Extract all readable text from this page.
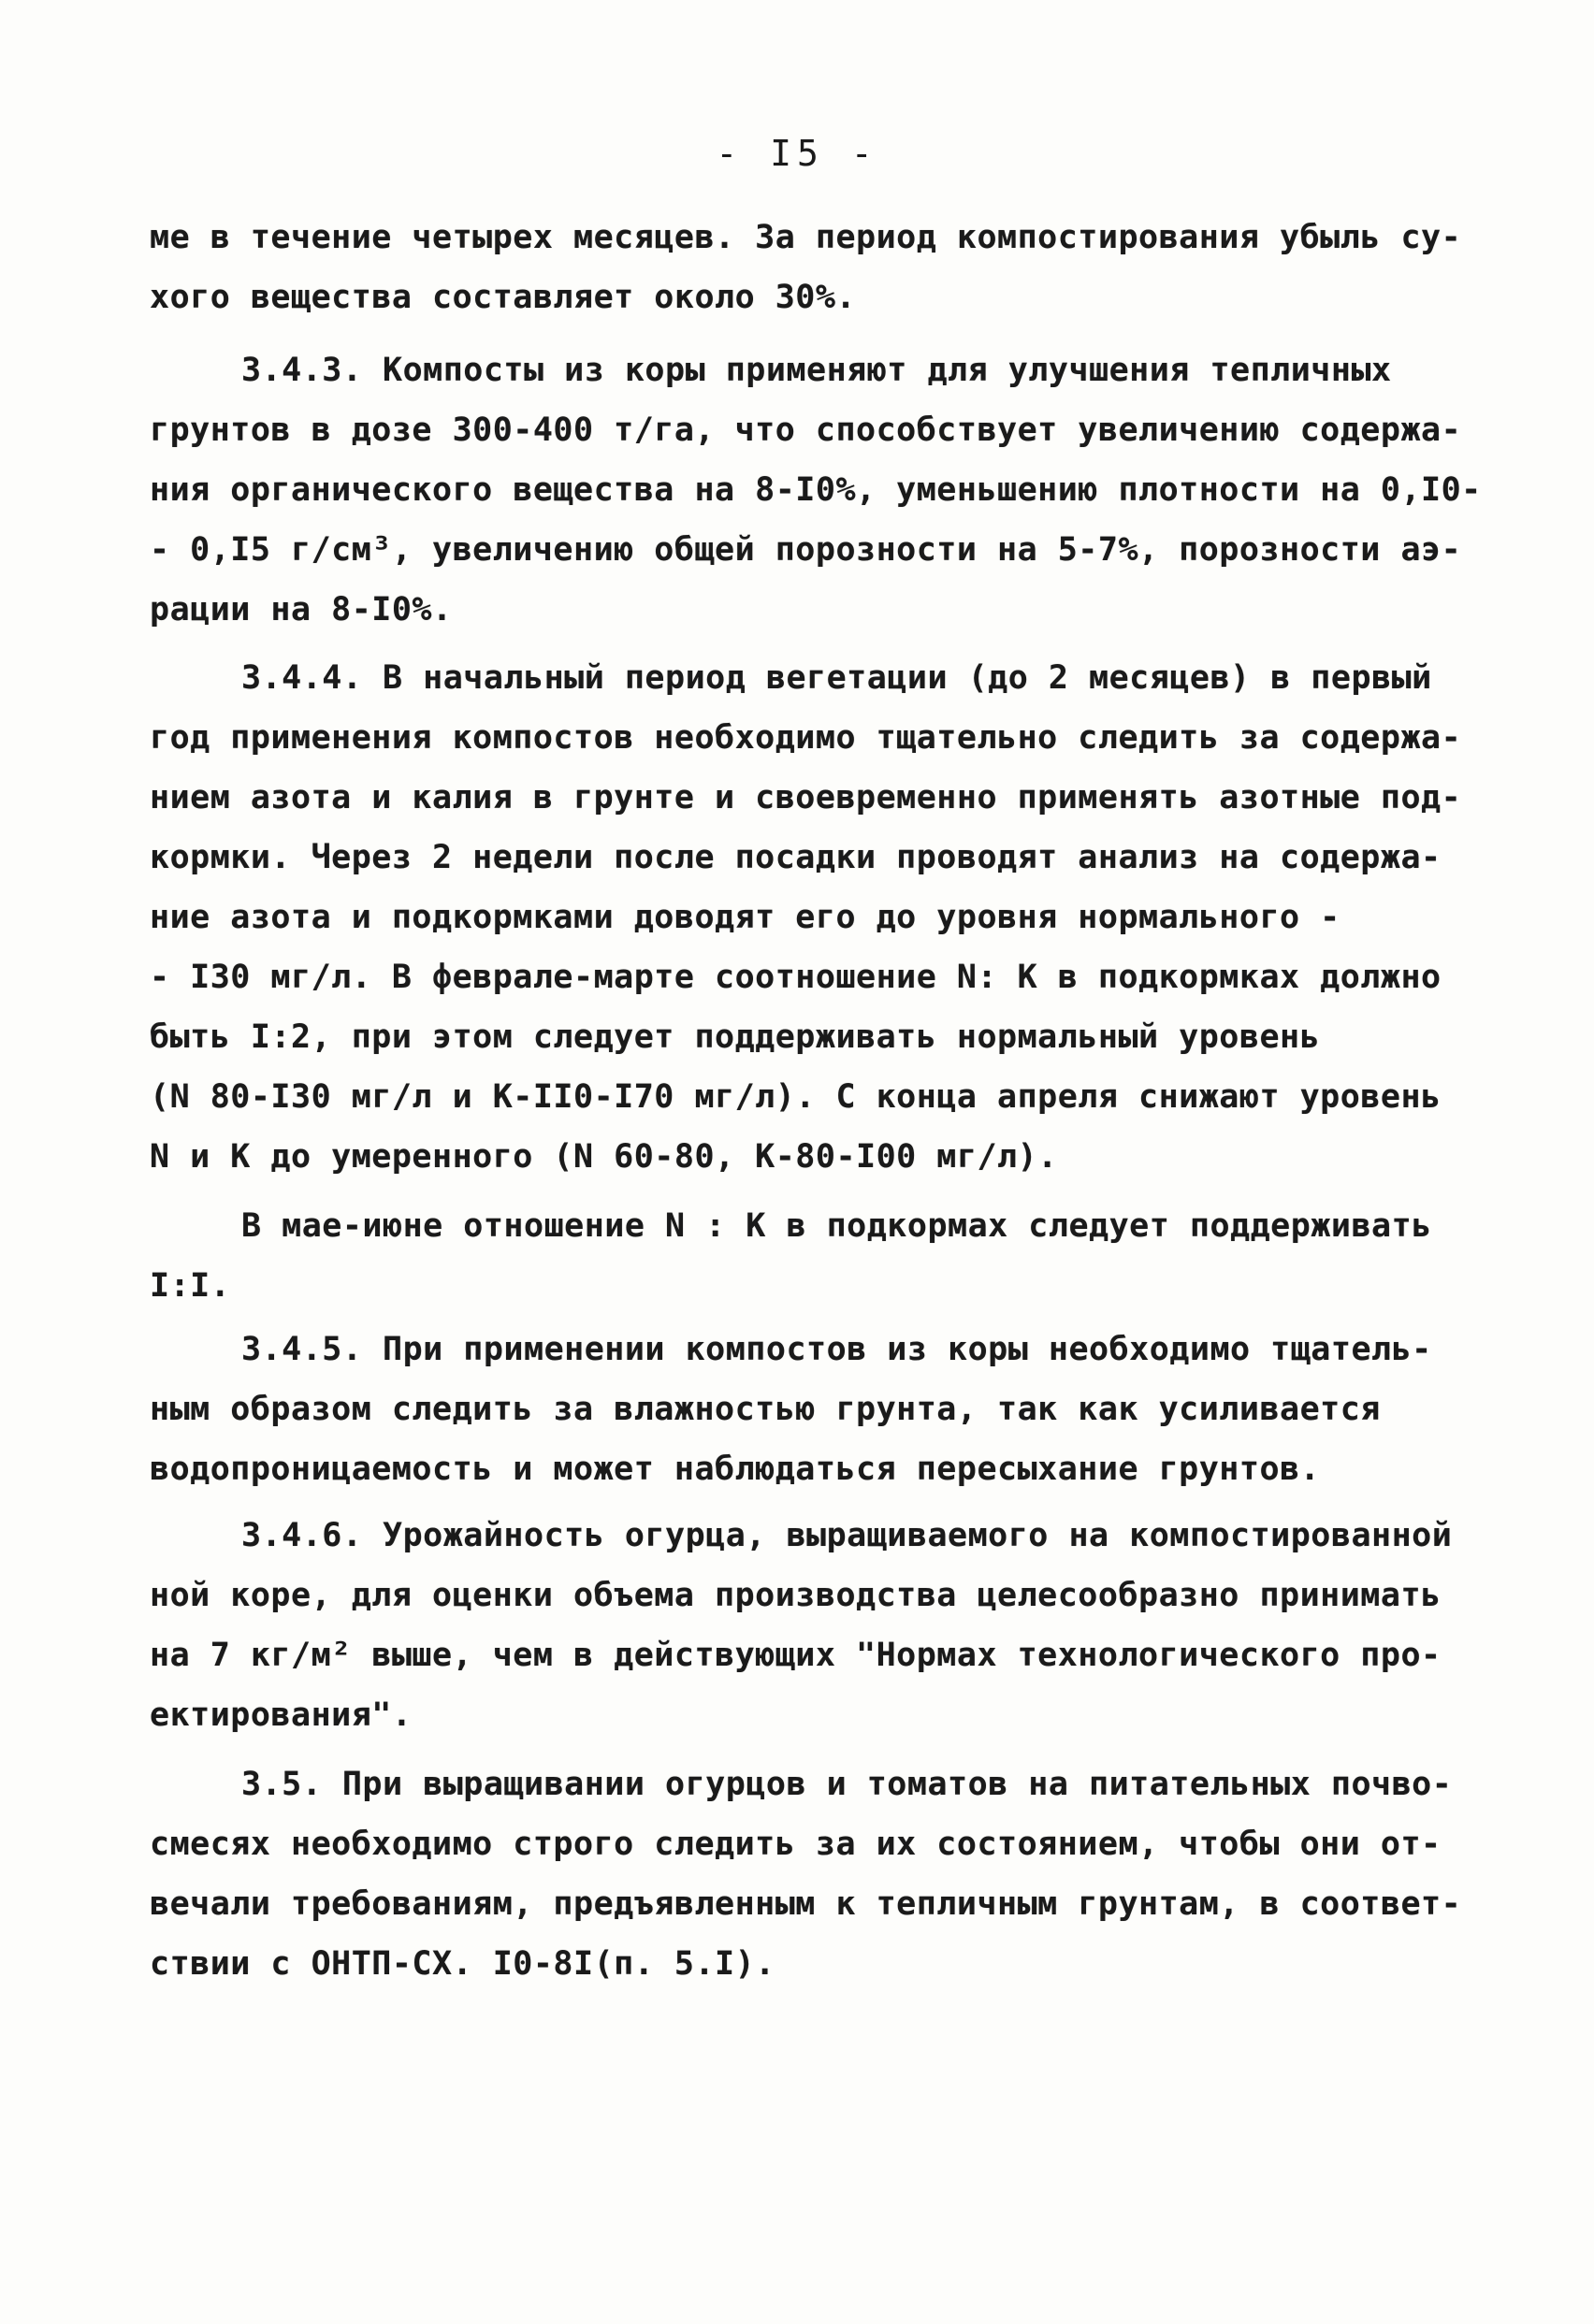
- I5 -
ме в течение четырех месяцев. За период компостирования убыль су-
хого вещества составляет около 30%.
3.4.3. Компосты из коры применяют для улучшения тепличных
грунтов в дозе 300-400 т/га, что способствует увеличению содержа-
ния органического вещества на 8-I0%, уменьшению плотности на 0,I0-
- 0,I5 г/см³, увеличению общей порозности на 5-7%, порозности аэ-
рации на 8-I0%.
3.4.4. В начальный период вегетации (до 2 месяцев) в первый
год применения компостов необходимо тщательно следить за содержа-
нием азота и калия в грунте и своевременно применять азотные под-
кормки. Через 2 недели после посадки проводят анализ на содержа-
ние азота и подкормками доводят его до уровня нормального -
- I30 мг/л. В феврале-марте соотношение N: K в подкормках должно
быть I:2, при этом следует поддерживать нормальный уровень
(N 80-I30 мг/л и К-II0-I70 мг/л). С конца апреля снижают уровень
N и К до умеренного (N 60-80, К-80-I00 мг/л).
В мае-июне отношение N : К в подкормах следует поддерживать
I:I.
3.4.5. При применении компостов из коры необходимо тщатель-
ным образом следить за влажностью грунта, так как усиливается
водопроницаемость и может наблюдаться пересыхание грунтов.
3.4.6. Урожайность огурца, выращиваемого на компостированной
ной коре, для оценки объема производства целесообразно принимать
на 7 кг/м² выше, чем в действующих "Нормах технологического про-
ектирования".
3.5. При выращивании огурцов и томатов на питательных почво-
смесях необходимо строго следить за их состоянием, чтобы они от-
вечали требованиям, предъявленным к тепличным грунтам, в соответ-
ствии с ОНТП-СХ. I0-8I(п. 5.I).
